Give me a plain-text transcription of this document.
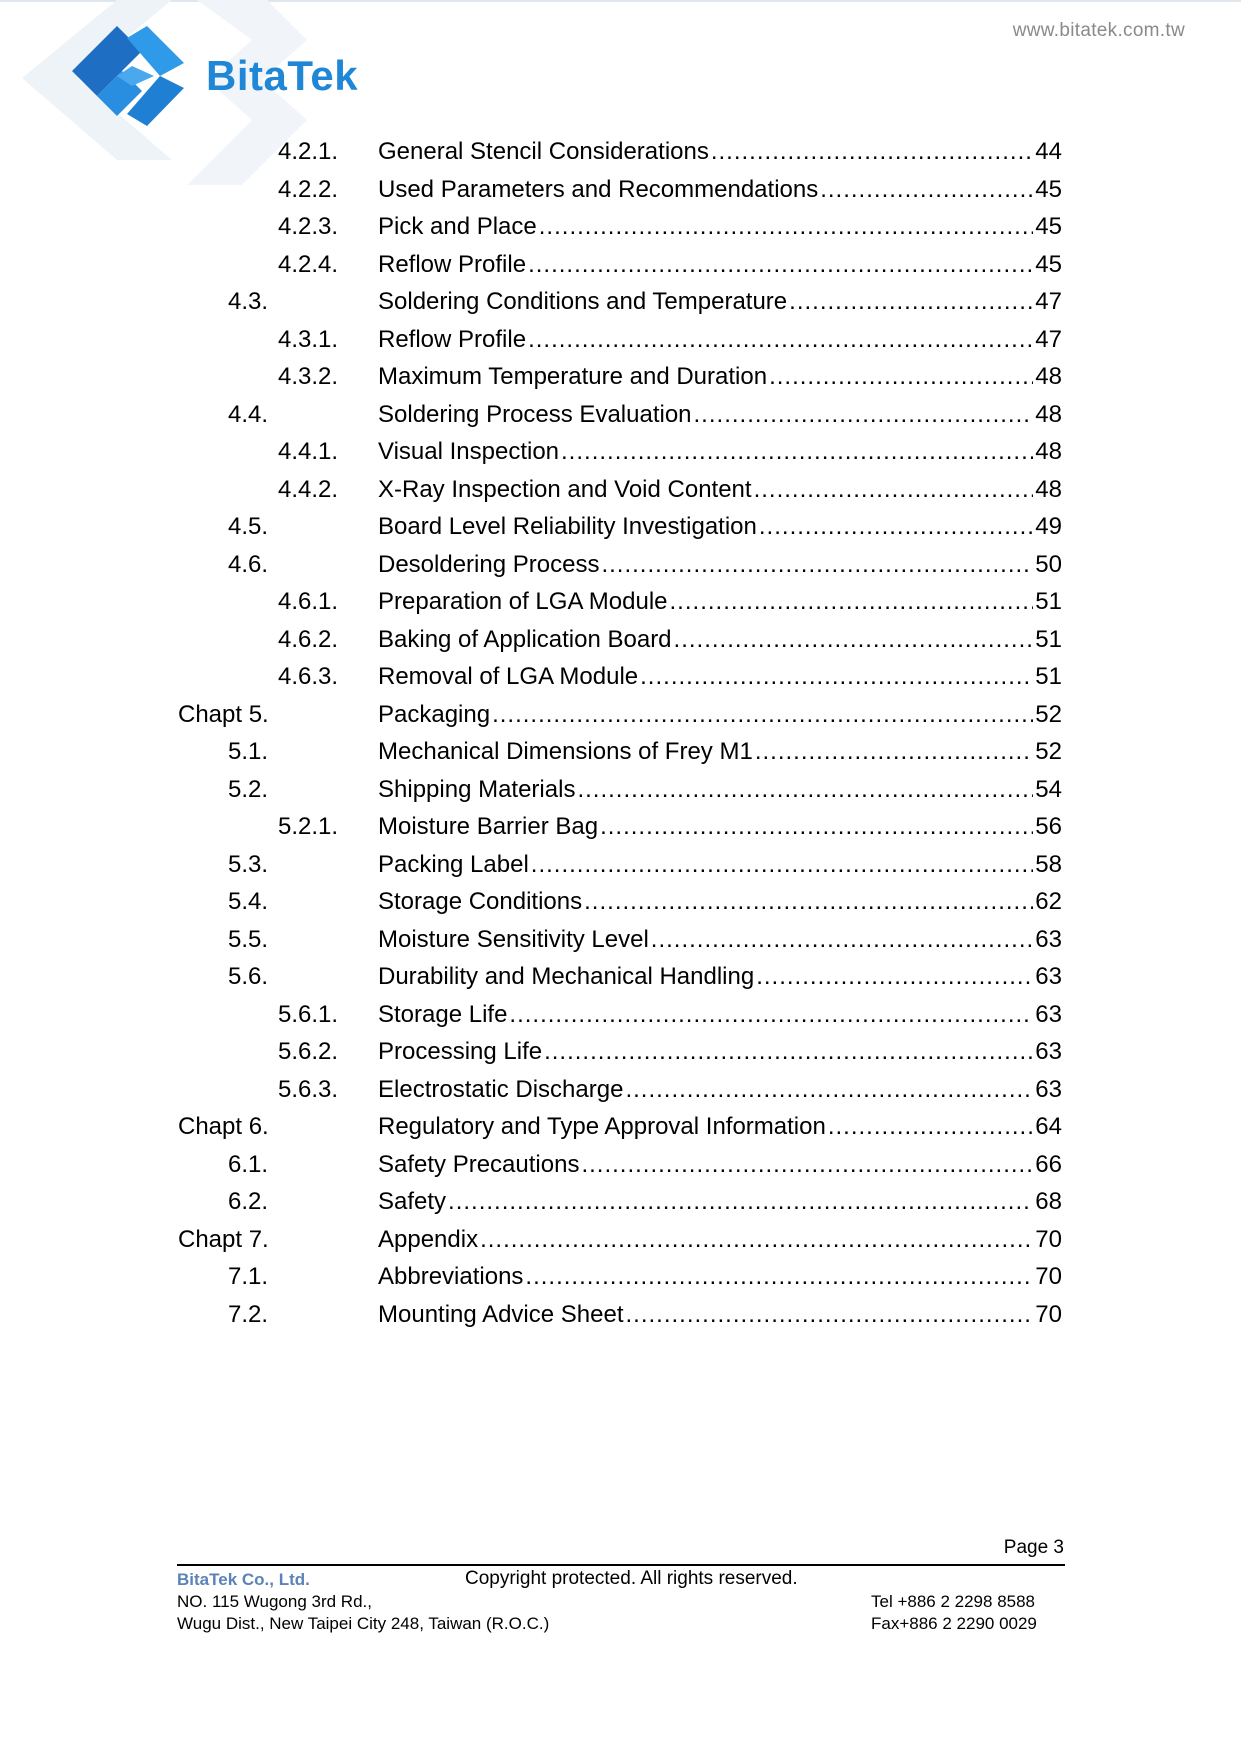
BitaTek
www.bitatek.com.tw
4.2.1. General Stencil Considerations .....	44
4.2.2. Used Parameters and Recommendations .....	45
4.2.3. Pick and Place .....	45
4.2.4. Reflow Profile .....	45
4.3.	Soldering Conditions and Temperature .....	47
4.3.1. Reflow Profile .....	47
4.3.2. Maximum Temperature and Duration .....	48
4.4.	Soldering Process Evaluation .....	48
4.4.1. Visual Inspection .....	48
4.4.2. X-Ray Inspection and Void Content .....	48
4.5.	Board Level Reliability Investigation .....	49
4.6.	Desoldering Process .....	50
4.6.1. Preparation of LGA Module .....	51
4.6.2. Baking of Application Board .....	51
4.6.3. Removal of LGA Module .....	51
Chapt 5.	Packaging .....	52
5.1.	Mechanical Dimensions of Frey M1 .....	52
5.2.	Shipping Materials .....	54
5.2.1. Moisture Barrier Bag .....	56
5.3.	Packing Label .....	58
5.4.	Storage Conditions .....	62
5.5.	Moisture Sensitivity Level .....	63
5.6.	Durability and Mechanical Handling .....	63
5.6.1. Storage Life .....	63
5.6.2. Processing Life .....	63
5.6.3. Electrostatic Discharge .....	63
Chapt 6.	Regulatory and Type Approval Information .....	64
6.1.	Safety Precautions .....	66
6.2.	Safety .....	68
Chapt 7.	Appendix .....	70
7.1.	Abbreviations .....	70
7.2.	Mounting Advice Sheet .....	70
Page 3
BitaTek Co., Ltd.	Copyright protected. All rights reserved.
NO. 115 Wugong 3rd Rd.,
Wugu Dist., New Taipei City 248, Taiwan (R.O.C.)
Tel +886 2 2298 8588
Fax+886 2 2290 0029
